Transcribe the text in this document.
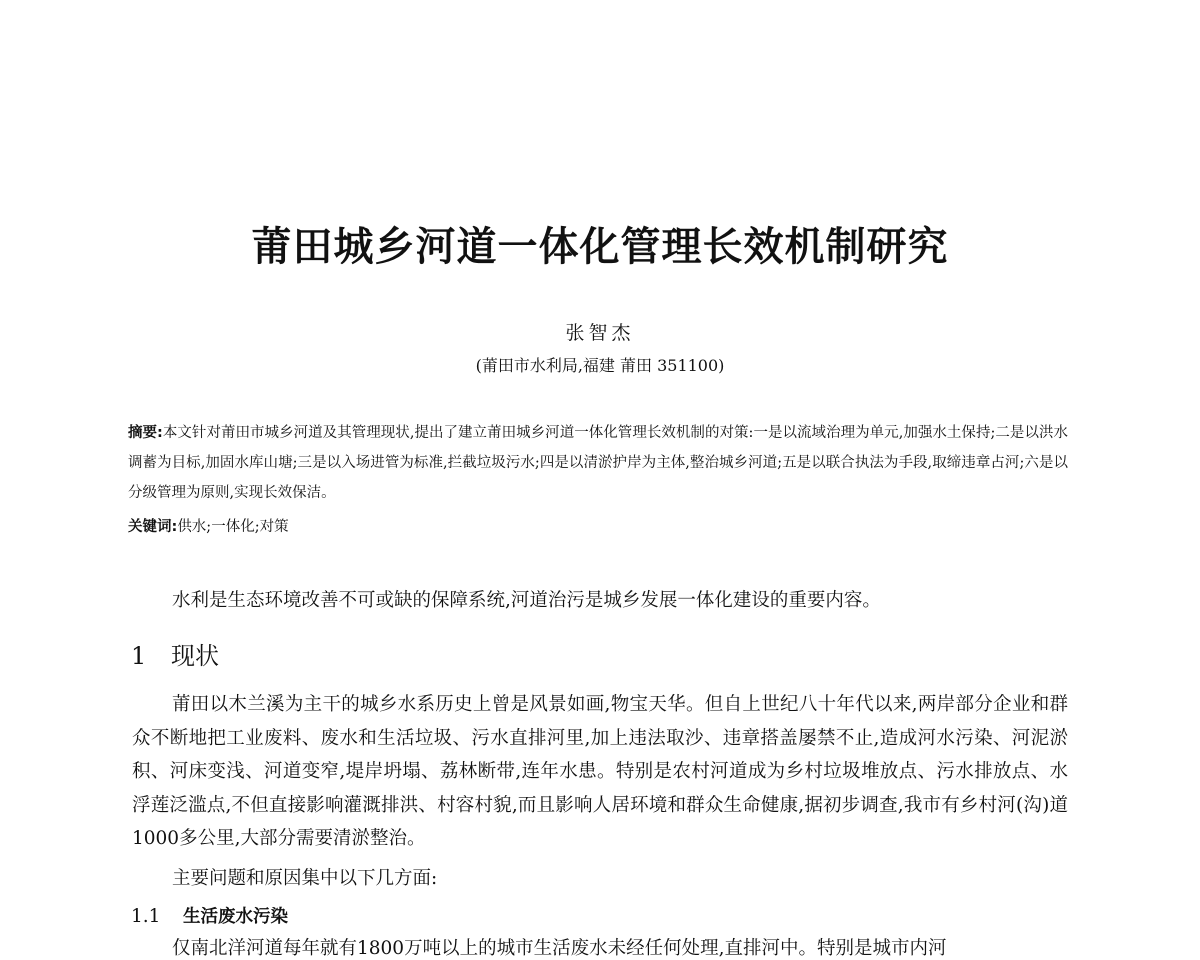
莆田城乡河道一体化管理长效机制研究
张智杰
(莆田市水利局,福建 莆田 351100)
摘要:本文针对莆田市城乡河道及其管理现状,提出了建立莆田城乡河道一体化管理长效机制的对策:一是以流域治理为单元,加强水土保持;二是以洪水调蓄为目标,加固水库山塘;三是以入场进管为标准,拦截垃圾污水;四是以清淤护岸为主体,整治城乡河道;五是以联合执法为手段,取缔违章占河;六是以分级管理为原则,实现长效保洁。
关键词:供水;一体化;对策
水利是生态环境改善不可或缺的保障系统,河道治污是城乡发展一体化建设的重要内容。
1 现状
莆田以木兰溪为主干的城乡水系历史上曾是风景如画,物宝天华。但自上世纪八十年代以来,两岸部分企业和群众不断地把工业废料、废水和生活垃圾、污水直排河里,加上违法取沙、违章搭盖屡禁不止,造成河水污染、河泥淤积、河床变浅、河道变窄,堤岸坍塌、荔林断带,连年水患。特别是农村河道成为乡村垃圾堆放点、污水排放点、水浮莲泛滥点,不但直接影响灌溉排洪、村容村貌,而且影响人居环境和群众生命健康,据初步调查,我市有乡村河(沟)道1000多公里,大部分需要清淤整治。
主要问题和原因集中以下几方面:
1.1 生活废水污染
仅南北洋河道每年就有1800万吨以上的城市生活废水未经任何处理,直排河中。特别是城市内河
